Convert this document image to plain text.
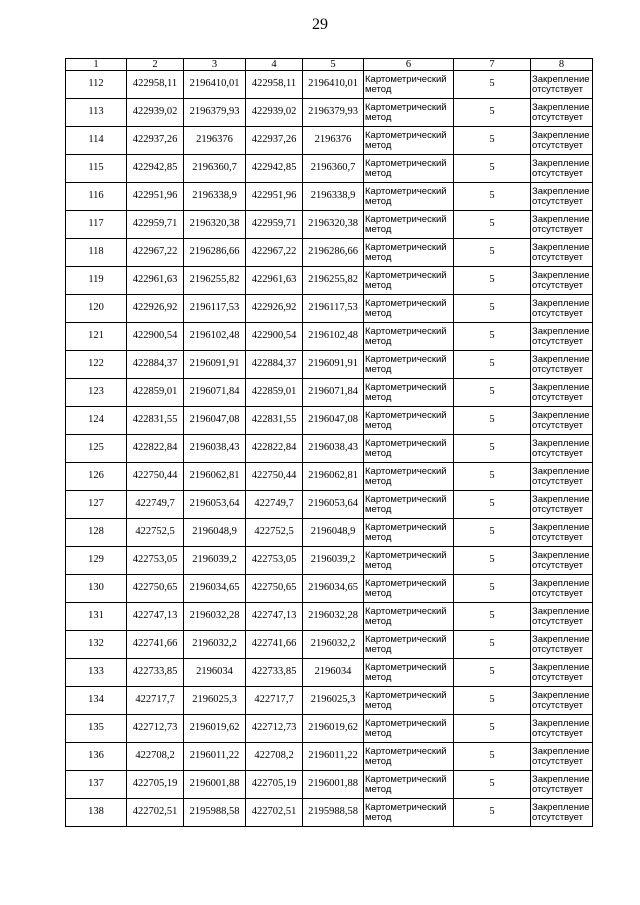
29
1	2	3	4	5	6	7	8
112	422958,11	2196410,01	422958,11	2196410,01	Картометрический метод	5	Закрепление отсутствует
113	422939,02	2196379,93	422939,02	2196379,93	Картометрический метод	5	Закрепление отсутствует
114	422937,26	2196376	422937,26	2196376	Картометрический метод	5	Закрепление отсутствует
115	422942,85	2196360,7	422942,85	2196360,7	Картометрический метод	5	Закрепление отсутствует
116	422951,96	2196338,9	422951,96	2196338,9	Картометрический метод	5	Закрепление отсутствует
117	422959,71	2196320,38	422959,71	2196320,38	Картометрический метод	5	Закрепление отсутствует
118	422967,22	2196286,66	422967,22	2196286,66	Картометрический метод	5	Закрепление отсутствует
119	422961,63	2196255,82	422961,63	2196255,82	Картометрический метод	5	Закрепление отсутствует
120	422926,92	2196117,53	422926,92	2196117,53	Картометрический метод	5	Закрепление отсутствует
121	422900,54	2196102,48	422900,54	2196102,48	Картометрический метод	5	Закрепление отсутствует
122	422884,37	2196091,91	422884,37	2196091,91	Картометрический метод	5	Закрепление отсутствует
123	422859,01	2196071,84	422859,01	2196071,84	Картометрический метод	5	Закрепление отсутствует
124	422831,55	2196047,08	422831,55	2196047,08	Картометрический метод	5	Закрепление отсутствует
125	422822,84	2196038,43	422822,84	2196038,43	Картометрический метод	5	Закрепление отсутствует
126	422750,44	2196062,81	422750,44	2196062,81	Картометрический метод	5	Закрепление отсутствует
127	422749,7	2196053,64	422749,7	2196053,64	Картометрический метод	5	Закрепление отсутствует
128	422752,5	2196048,9	422752,5	2196048,9	Картометрический метод	5	Закрепление отсутствует
129	422753,05	2196039,2	422753,05	2196039,2	Картометрический метод	5	Закрепление отсутствует
130	422750,65	2196034,65	422750,65	2196034,65	Картометрический метод	5	Закрепление отсутствует
131	422747,13	2196032,28	422747,13	2196032,28	Картометрический метод	5	Закрепление отсутствует
132	422741,66	2196032,2	422741,66	2196032,2	Картометрический метод	5	Закрепление отсутствует
133	422733,85	2196034	422733,85	2196034	Картометрический метод	5	Закрепление отсутствует
134	422717,7	2196025,3	422717,7	2196025,3	Картометрический метод	5	Закрепление отсутствует
135	422712,73	2196019,62	422712,73	2196019,62	Картометрический метод	5	Закрепление отсутствует
136	422708,2	2196011,22	422708,2	2196011,22	Картометрический метод	5	Закрепление отсутствует
137	422705,19	2196001,88	422705,19	2196001,88	Картометрический метод	5	Закрепление отсутствует
138	422702,51	2195988,58	422702,51	2195988,58	Картометрический метод	5	Закрепление отсутствует
